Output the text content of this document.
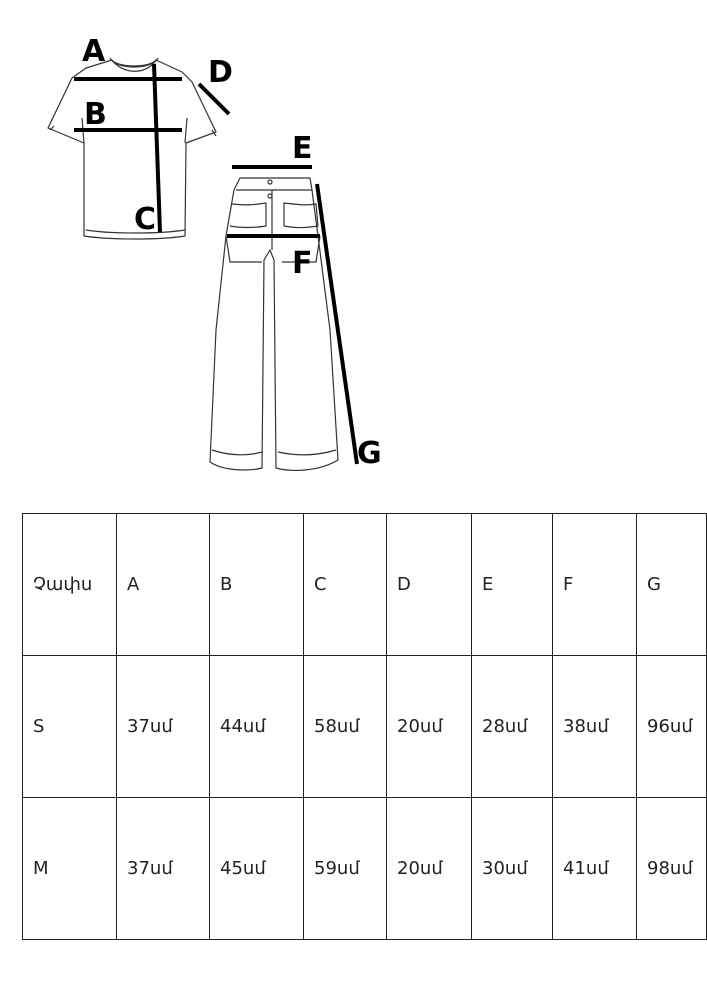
A
B
C
D
E
F
G
Չափս	A	B	C	D	E	F	G
S	37սմ	44սմ	58սմ	20սմ	28սմ	38սմ	96սմ
M	37սմ	45սմ	59սմ	20սմ	30սմ	41սմ	98սմ
